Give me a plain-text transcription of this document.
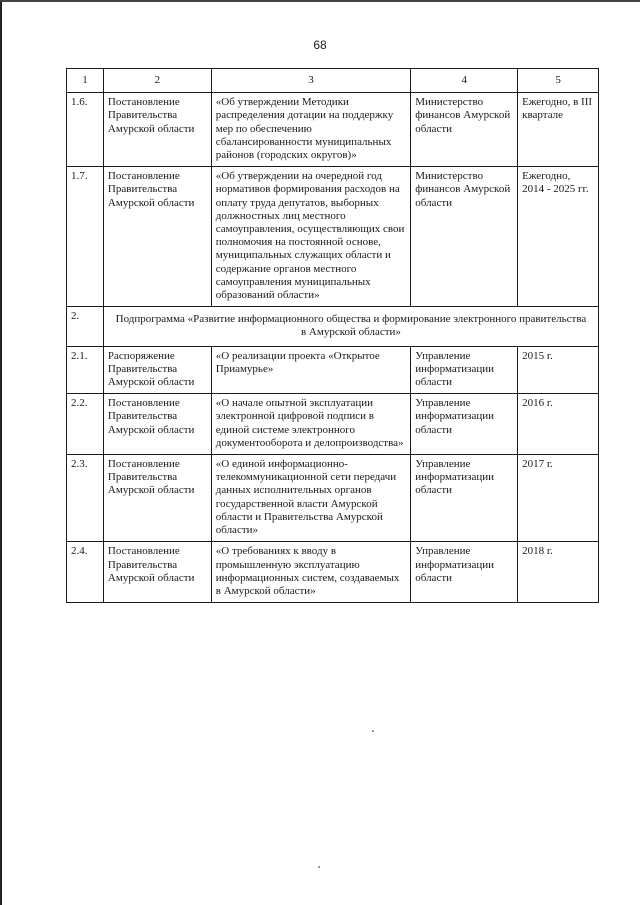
68
1	2	3	4	5
1.6.	Постановление Правительства Амурской области	«Об утверждении Методики распределения дотации на поддержку мер по обеспечению сбалансированности муниципальных районов (городских округов)»	Министерство финансов Амурской области	Ежегодно, в III квартале
1.7.	Постановление Правительства Амурской области	«Об утверждении на очередной год нормативов формирования расходов на оплату труда депутатов, выборных должностных лиц местного самоуправления, осуществляющих свои полномочия на постоянной основе, муниципальных служащих области и содержание органов местного самоуправления муниципальных образований области»	Министерство финансов Амурской области	Ежегодно, 2014 - 2025 гг.
2.	Подпрограмма «Развитие информационного общества и формирование электронного правительства в Амурской области»			
2.1.	Распоряжение Правительства Амурской области	«О реализации проекта «Открытое Приамурье»	Управление информатизации области	2015 г.
2.2.	Постановление Правительства Амурской области	«О начале опытной эксплуатации электронной цифровой подписи в единой системе электронного документооборота и делопроизводства»	Управление информатизации области	2016 г.
2.3.	Постановление Правительства Амурской области	«О единой информационно-телекоммуникационной сети передачи данных исполнительных органов государственной власти Амурской области и Правительства Амурской области»	Управление информатизации области	2017 г.
2.4.	Постановление Правительства Амурской области	«О требованиях к вводу в промышленную эксплуатацию информационных систем, создаваемых в Амурской области»	Управление информатизации области	2018 г.
